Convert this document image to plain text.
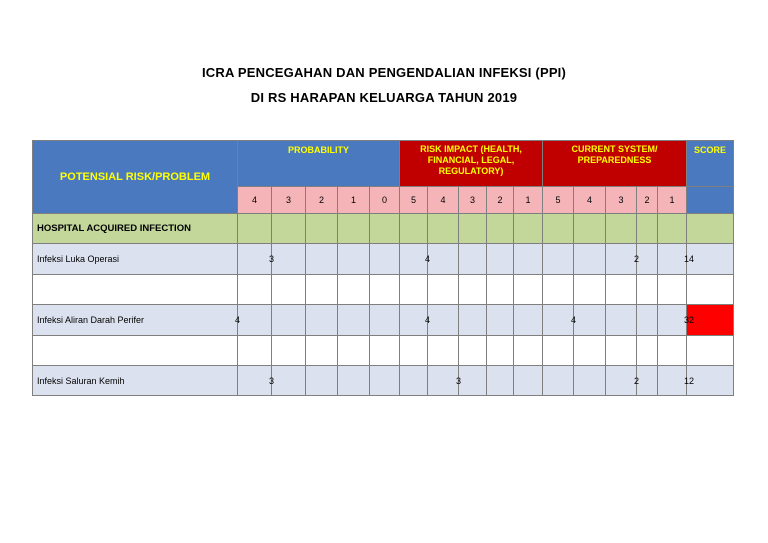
ICRA PENCEGAHAN DAN PENGENDALIAN INFEKSI (PPI)
DI RS HARAPAN KELUARGA TAHUN 2019
POTENSIAL RISK/PROBLEM	PROBABILITY					RISK IMPACT (HEALTH, FINANCIAL, LEGAL, REGULATORY)					CURRENT SYSTEM/ PREPAREDNESS					SCORE
	4	3	2	1	0	5	4	3	2	1	5	4	3	2	1	
HOSPITAL ACQUIRED INFECTION																
Infeksi Luka Operasi		3					4							2		14

Infeksi Aliran Darah Perifer	4						4					4				32

Infeksi Saluran Kemih		3						3						2		12
